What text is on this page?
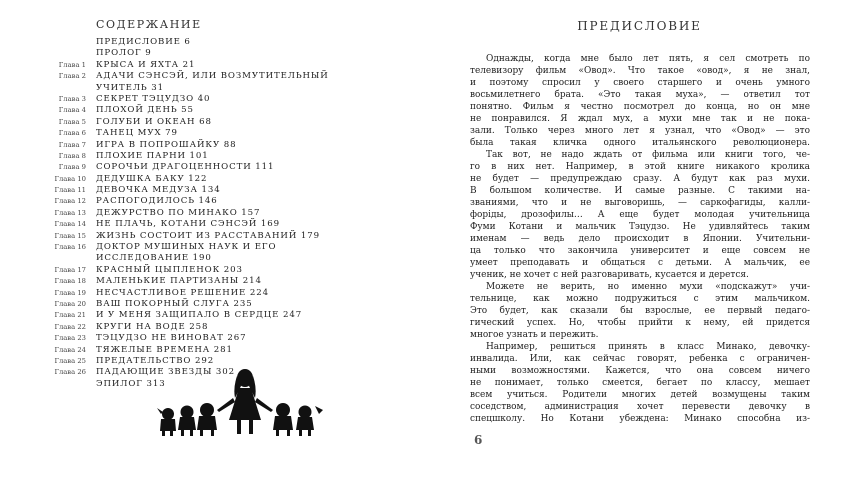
СОДЕРЖАНИЕ
ПРЕДИСЛОВИЕ 6
ПРОЛОГ 9
Глава 1 КРЫСА И ЯХТА 21
Глава 2 АДАЧИ СЭНСЭЙ, ИЛИ ВОЗМУТИТЕЛЬНЫЙ
УЧИТЕЛЬ 31
Глава 3 СЕКРЕТ ТЭЦУДЗО 40
Глава 4 ПЛОХОЙ ДЕНЬ 55
Глава 5 ГОЛУБИ И ОКЕАН 68
Глава 6 ТАНЕЦ МУХ 79
Глава 7 ИГРА В ПОПРОШАЙКУ 88
Глава 8 ПЛОХИЕ ПАРНИ 101
Глава 9 СОРОЧЬИ ДРАГОЦЕННОСТИ 111
Глава 10 ДЕДУШКА БАКУ 122
Глава 11 ДЕВОЧКА МЕДУЗА 134
Глава 12 РАСПОГОДИЛОСЬ 146
Глава 13 ДЕЖУРСТВО ПО МИНАКО 157
Глава 14 НЕ ПЛАЧЬ, КОТАНИ СЭНСЭЙ 169
Глава 15 ЖИЗНЬ СОСТОИТ ИЗ РАССТАВАНИЙ 179
Глава 16 ДОКТОР МУШИНЫХ НАУК И ЕГО
ИССЛЕДОВАНИЕ 190
Глава 17 КРАСНЫЙ ЦЫПЛЕНОК 203
Глава 18 МАЛЕНЬКИЕ ПАРТИЗАНЫ 214
Глава 19 НЕСЧАСТЛИВОЕ РЕШЕНИЕ 224
Глава 20 ВАШ ПОКОРНЫЙ СЛУГА 235
Глава 21 И У МЕНЯ ЗАЩИПАЛО В СЕРДЦЕ 247
Глава 22 КРУГИ НА ВОДЕ 258
Глава 23 ТЭЦУДЗО НЕ ВИНОВАТ 267
Глава 24 ТЯЖЕЛЫЕ ВРЕМЕНА 281
Глава 25 ПРЕДАТЕЛЬСТВО 292
Глава 26 ПАДАЮЩИЕ ЗВЕЗДЫ 302
ЭПИЛОГ 313
ПРЕДИСЛОВИЕ
Однажды, когда мне было лет пять, я сел смотреть по
телевизору фильм «Овод». Что такое «овод», я не знал,
и поэтому спросил у своего старшего и очень умного
восьмилетнего брата. «Это такая муха», — ответил тот
понятно. Фильм я честно посмотрел до конца, но он мне
не понравился. Я ждал мух, а мухи мне так и не пока-
зали. Только через много лет я узнал, что «Овод» — это
была такая кличка одного итальянского революционера.
Так вот, не надо ждать от фильма или книги того, че-
го в них нет. Например, в этой книге никакого кролика
не будет — предупреждаю сразу. А будут как раз мухи.
В большом количестве. И самые разные. С такими на-
званиями, что и не выговоришь, — саркофагиды, калли-
форіды, дрозофилы… А еще будет молодая учительница
Фуми Котани и мальчик Тэцудзо. Не удивляйтесь таким
именам — ведь дело происходит в Японии. Учительни-
ца только что закончила университет и еще совсем не
умеет преподавать и общаться с детьми. А мальчик, ее
ученик, не хочет с ней разговаривать, кусается и дерется.
Можете не верить, но именно мухи «подскажут» учи-
тельнице, как можно подружиться с этим мальчиком.
Это будет, как сказали бы взрослые, ее первый педаго-
гический успех. Но, чтобы прийти к нему, ей придется
многое узнать и пережить.
Например, решиться принять в класс Минако, девочку-
инвалида. Или, как сейчас говорят, ребенка с ограничен-
ными возможностями. Кажется, что она совсем ничего
не понимает, только смеется, бегает по классу, мешает
всем учиться. Родители многих детей возмущены таким
соседством, администрация хочет перевести девочку в
спецшколу. Но Котани убеждена: Минако способна из-
6
